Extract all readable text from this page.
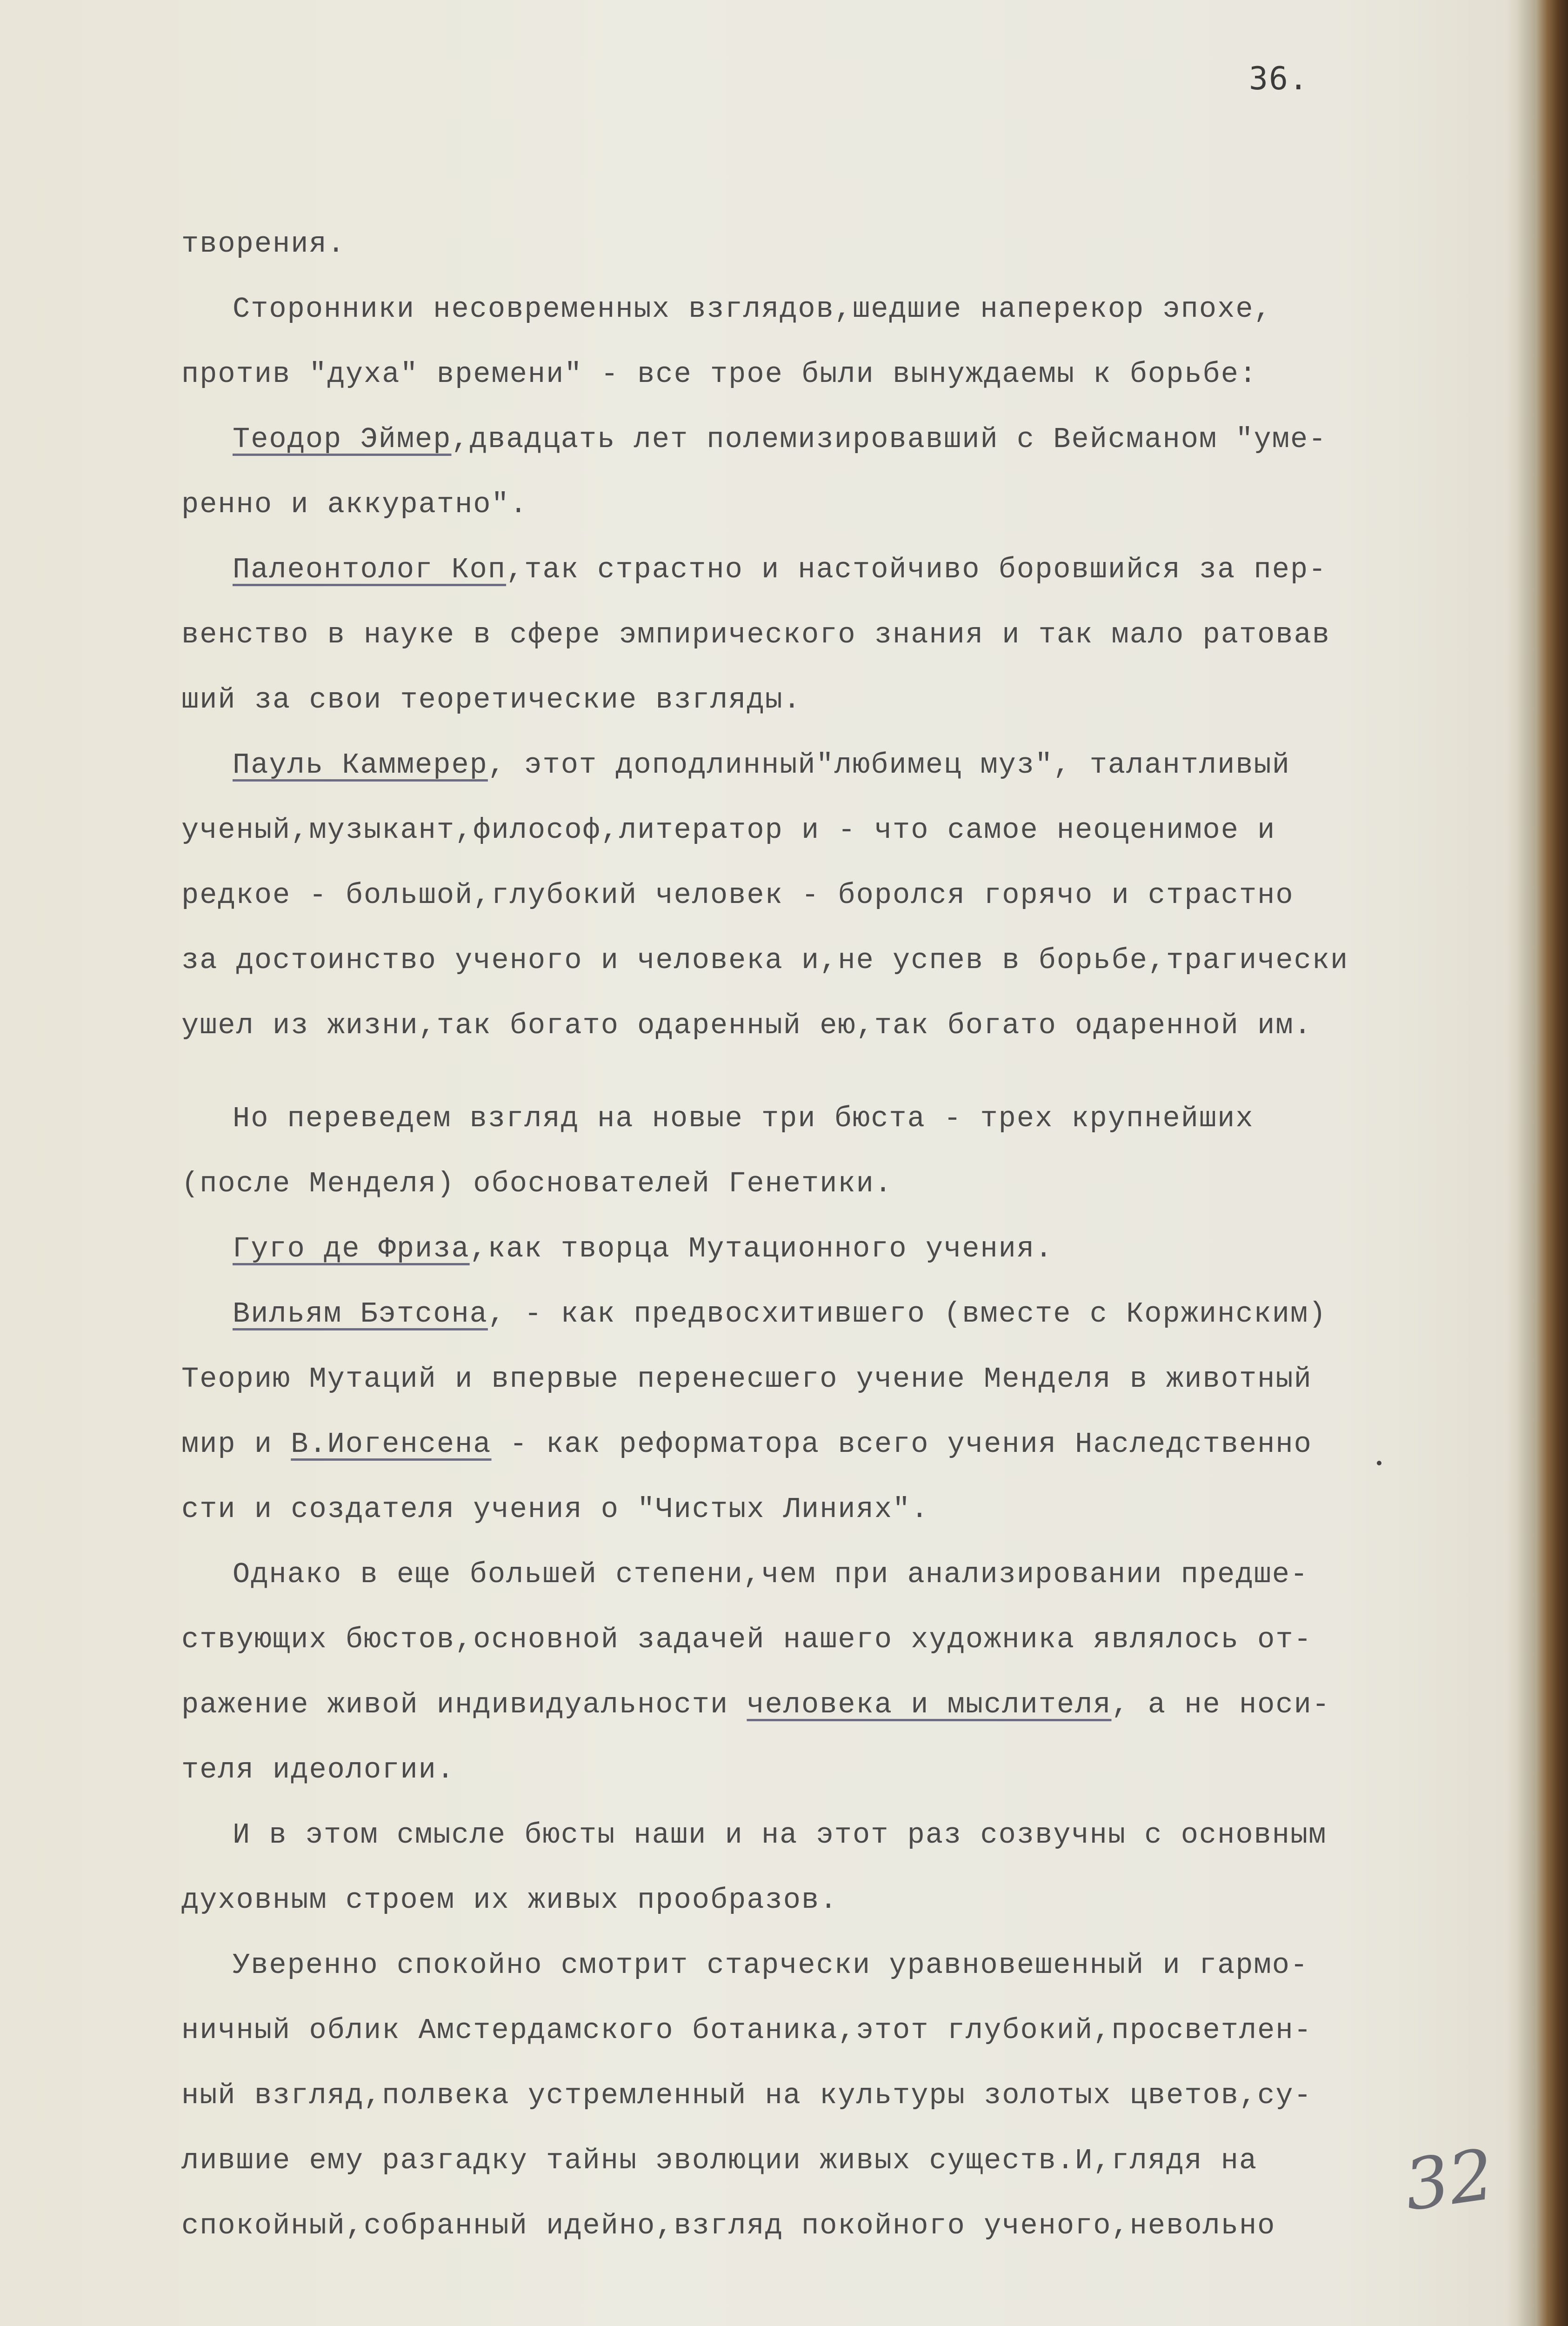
36.
творения.
Сторонники несовременных взглядов,шедшие наперекор эпохе,
против "духа" времени" - все трое были вынуждаемы к борьбе:
Теодор Эймер,двадцать лет полемизировавший с Вейсманом "уме-
ренно и аккуратно".
Палеонтолог Коп,так страстно и настойчиво боровшийся за пер-
венство в науке в сфере эмпирического знания и так мало ратовав
ший за свои теоретические взгляды.
Пауль Каммерер, этот доподлинный"любимец муз", талантливый
ученый,музыкант,философ,литератор и - что самое неоценимое и
редкое - большой,глубокий человек - боролся горячо и страстно
за достоинство ученого и человека и,не успев в борьбе,трагически
ушел из жизни,так богато одаренный ею,так богато одаренной им.
Но переведем взгляд на новые три бюста - трех крупнейших
(после Менделя) обоснователей Генетики.
Гуго де Фриза,как творца Мутационного учения.
Вильям Бэтсона, - как предвосхитившего (вместе с Коржинским)
Теорию Мутаций и впервые перенесшего учение Менделя в животный
мир и В.Иогенсена - как реформатора всего учения Наследственно
сти и создателя учения о "Чистых Линиях".
Однако в еще большей степени,чем при анализировании предше-
ствующих бюстов,основной задачей нашего художника являлось от-
ражение живой индивидуальности человека и мыслителя, а не носи-
теля идеологии.
И в этом смысле бюсты наши и на этот раз созвучны с основным
духовным строем их живых прообразов.
Уверенно спокойно смотрит старчески уравновешенный и гармо-
ничный облик Амстердамского ботаника,этот глубокий,просветлен-
ный взгляд,полвека устремленный на культуры золотых цветов,су-
лившие ему разгадку тайны эволюции живых существ.И,глядя на
спокойный,собранный идейно,взгляд покойного ученого,невольно	32
